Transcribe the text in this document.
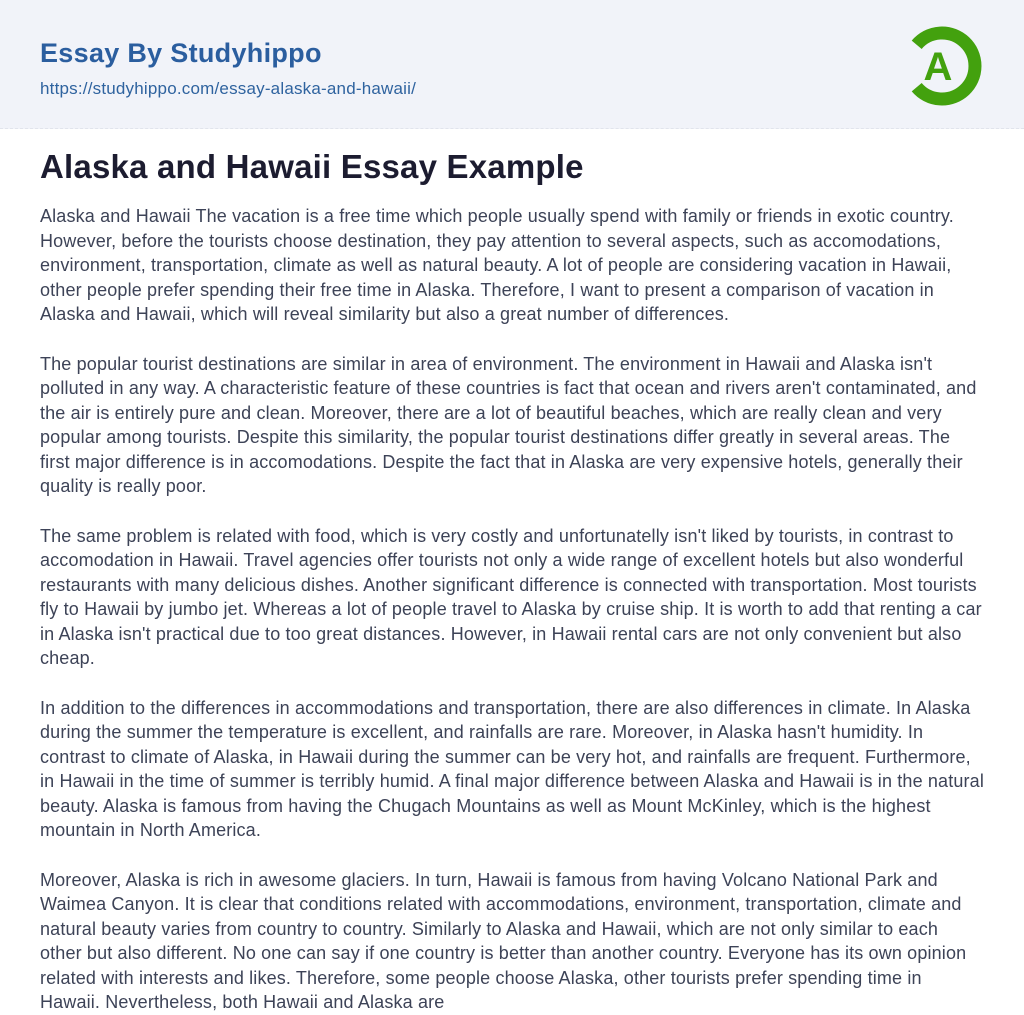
Essay By Studyhippo
https://studyhippo.com/essay-alaska-and-hawaii/	A
Alaska and Hawaii Essay Example

Alaska and Hawaii The vacation is a free time which people usually spend with family or friends in exotic country. However, before the tourists choose destination, they pay attention to several aspects, such as accomodations, environment, transportation, climate as well as natural beauty. A lot of people are considering vacation in Hawaii, other people prefer spending their free time in Alaska. Therefore, I want to present a comparison of vacation in Alaska and Hawaii, which will reveal similarity but also a great number of differences.

The popular tourist destinations are similar in area of environment. The environment in Hawaii and Alaska isn't polluted in any way. A characteristic feature of these countries is fact that ocean and rivers aren't contaminated, and the air is entirely pure and clean. Moreover, there are a lot of beautiful beaches, which are really clean and very popular among tourists. Despite this similarity, the popular tourist destinations differ greatly in several areas. The first major difference is in accomodations. Despite the fact that in Alaska are very expensive hotels, generally their quality is really poor.

The same problem is related with food, which is very costly and unfortunatelly isn't liked by tourists, in contrast to accomodation in Hawaii. Travel agencies offer tourists not only a wide range of excellent hotels but also wonderful restaurants with many delicious dishes. Another significant difference is connected with transportation. Most tourists fly to Hawaii by jumbo jet. Whereas a lot of people travel to Alaska by cruise ship. It is worth to add that renting a car in Alaska isn't practical due to too great distances. However, in Hawaii rental cars are not only convenient but also cheap.

In addition to the differences in accommodations and transportation, there are also differences in climate. In Alaska during the summer the temperature is excellent, and rainfalls are rare. Moreover, in Alaska hasn't humidity. In contrast to climate of Alaska, in Hawaii during the summer can be very hot, and rainfalls are frequent. Furthermore, in Hawaii in the time of summer is terribly humid. A final major difference between Alaska and Hawaii is in the natural beauty. Alaska is famous from having the Chugach Mountains as well as Mount McKinley, which is the highest mountain in North America.

Moreover, Alaska is rich in awesome glaciers. In turn, Hawaii is famous from having Volcano National Park and Waimea Canyon. It is clear that conditions related with accommodations, environment, transportation, climate and natural beauty varies from country to country. Similarly to Alaska and Hawaii, which are not only similar to each other but also different. No one can say if one country is better than another country. Everyone has its own opinion related with interests and likes. Therefore, some people choose Alaska, other tourists prefer spending time in Hawaii. Nevertheless, both Hawaii and Alaska are
